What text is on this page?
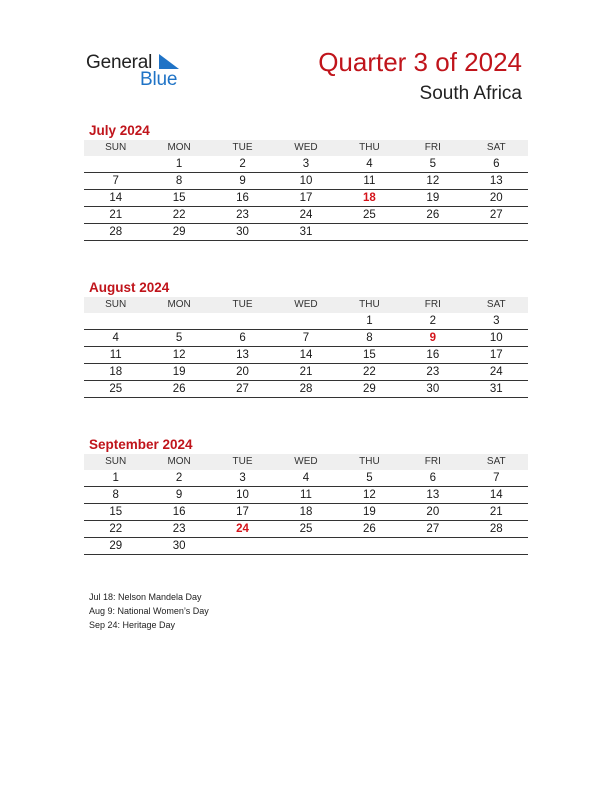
General
Blue
Quarter 3 of 2024
South Africa
July 2024
SUN	MON	TUE	WED	THU	FRI	SAT
	1	2	3	4	5	6
7	8	9	10	11	12	13
14	15	16	17	18	19	20
21	22	23	24	25	26	27
28	29	30	31			
August 2024
SUN	MON	TUE	WED	THU	FRI	SAT
				1	2	3
4	5	6	7	8	9	10
11	12	13	14	15	16	17
18	19	20	21	22	23	24
25	26	27	28	29	30	31
September 2024
SUN	MON	TUE	WED	THU	FRI	SAT
1	2	3	4	5	6	7
8	9	10	11	12	13	14
15	16	17	18	19	20	21
22	23	24	25	26	27	28
29	30					
Jul 18: Nelson Mandela Day
Aug 9: National Women’s Day
Sep 24: Heritage Day
